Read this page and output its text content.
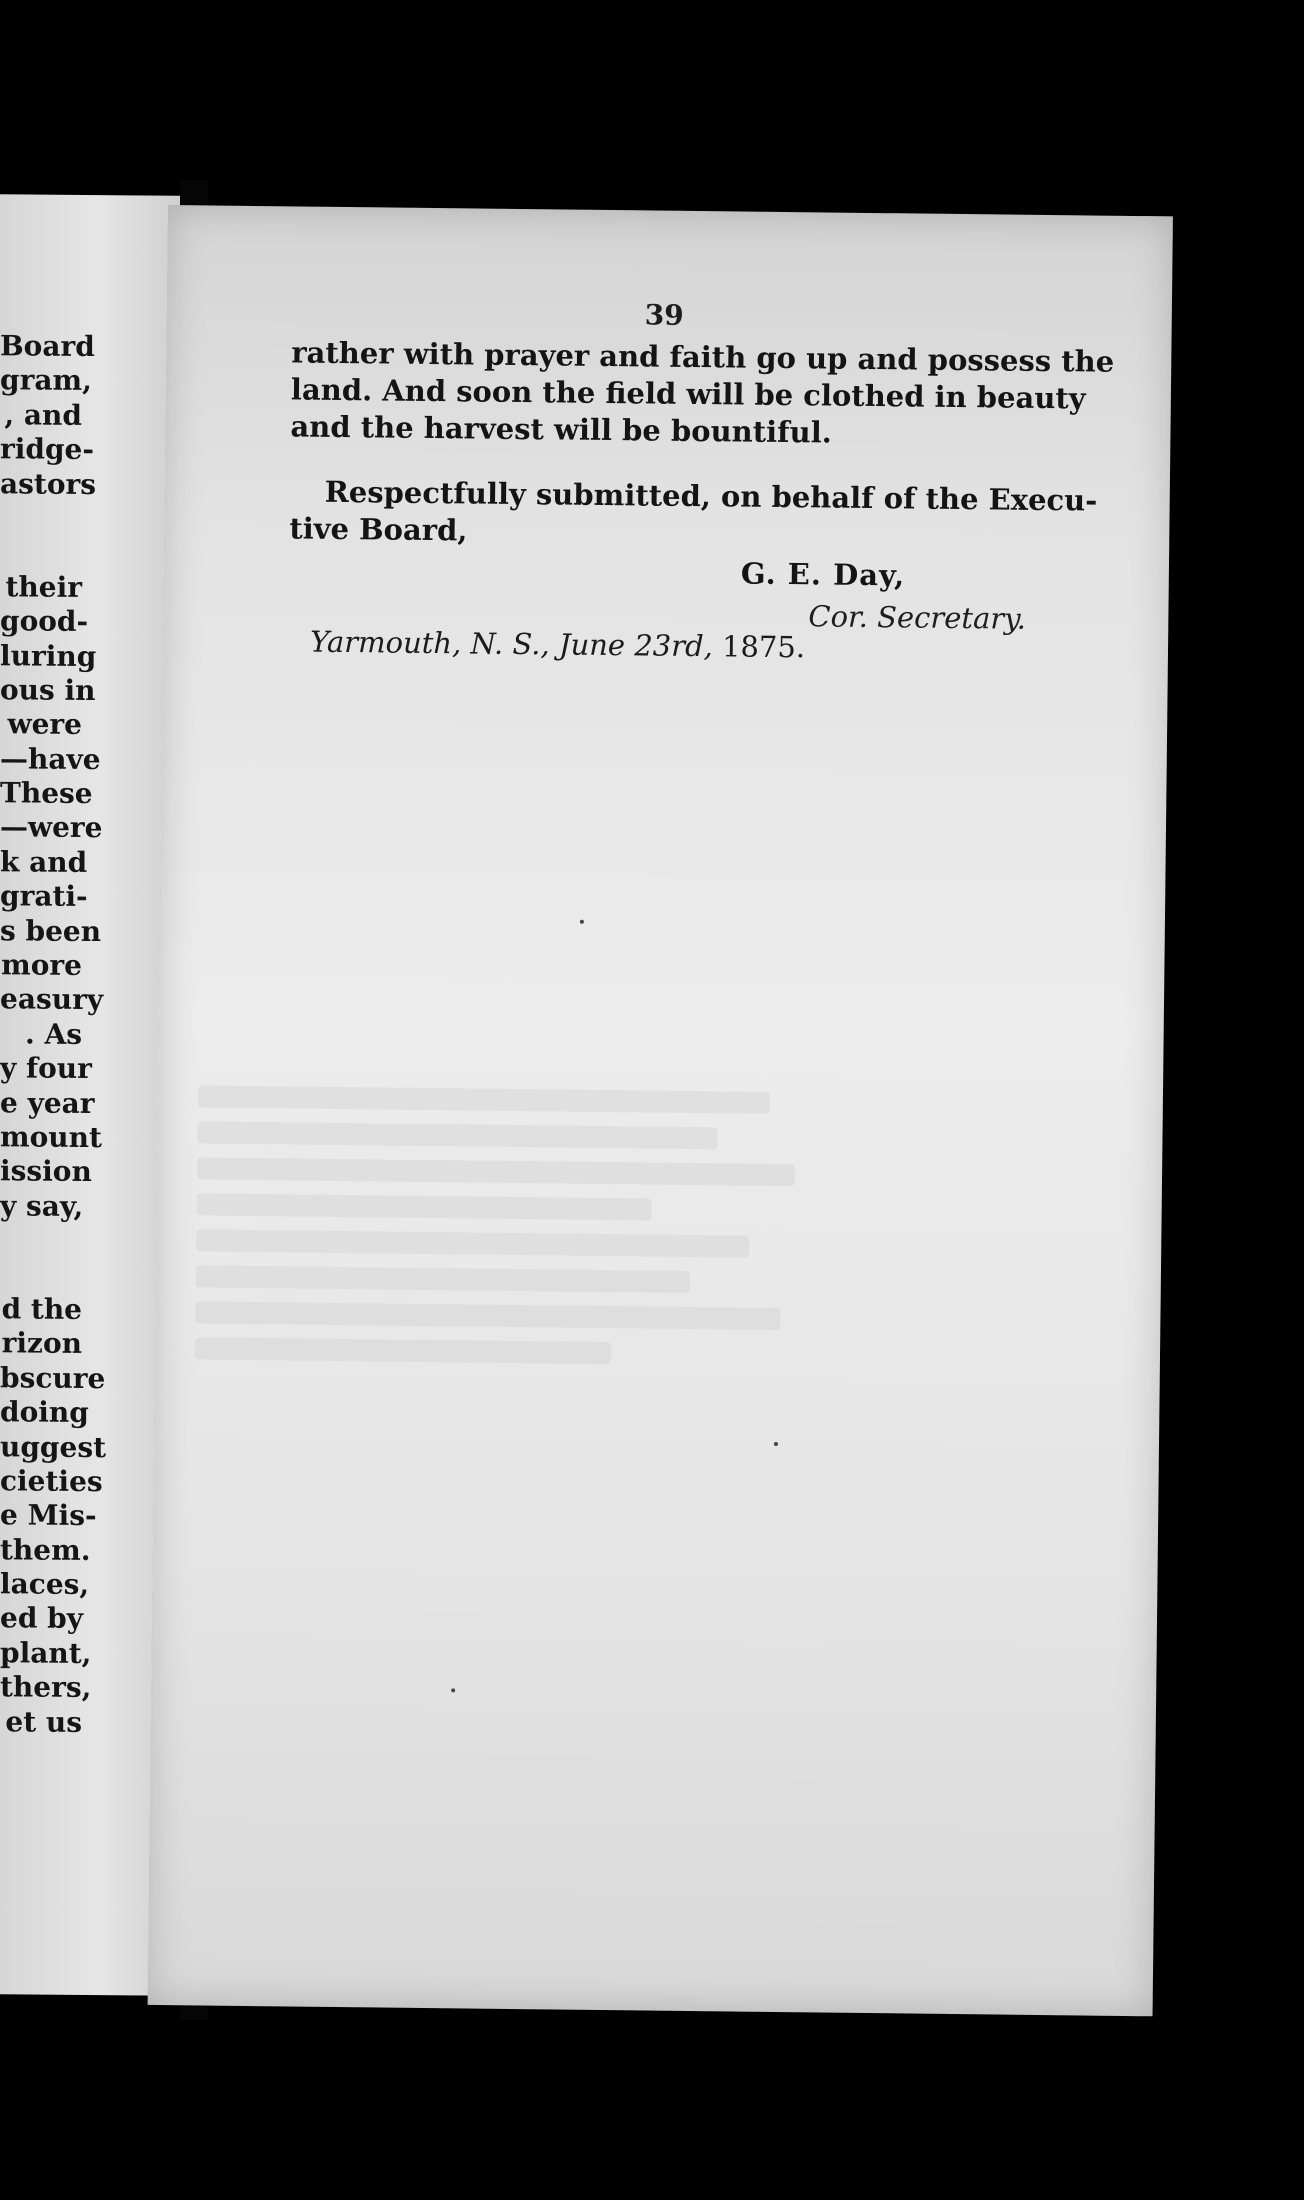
Board
gram,
, and
ridge-
astors
their
good-
luring
ous in
were
—have
These
—were
k and
grati-
s been
more
easury
. As
y four
e year
mount
ission
y say,
d the
rizon
bscure
doing
uggest
cieties
e Mis-
them.
laces,
ed by
plant,
thers,
et us
39
rather with prayer and faith go up and possess the
land. And soon the field will be clothed in beauty
and the harvest will be bountiful.
Respectfully submitted, on behalf of the Execu-
tive Board,
G. E. Day,
Cor. Secretary.
Yarmouth, N. S., June 23rd, 1875.
